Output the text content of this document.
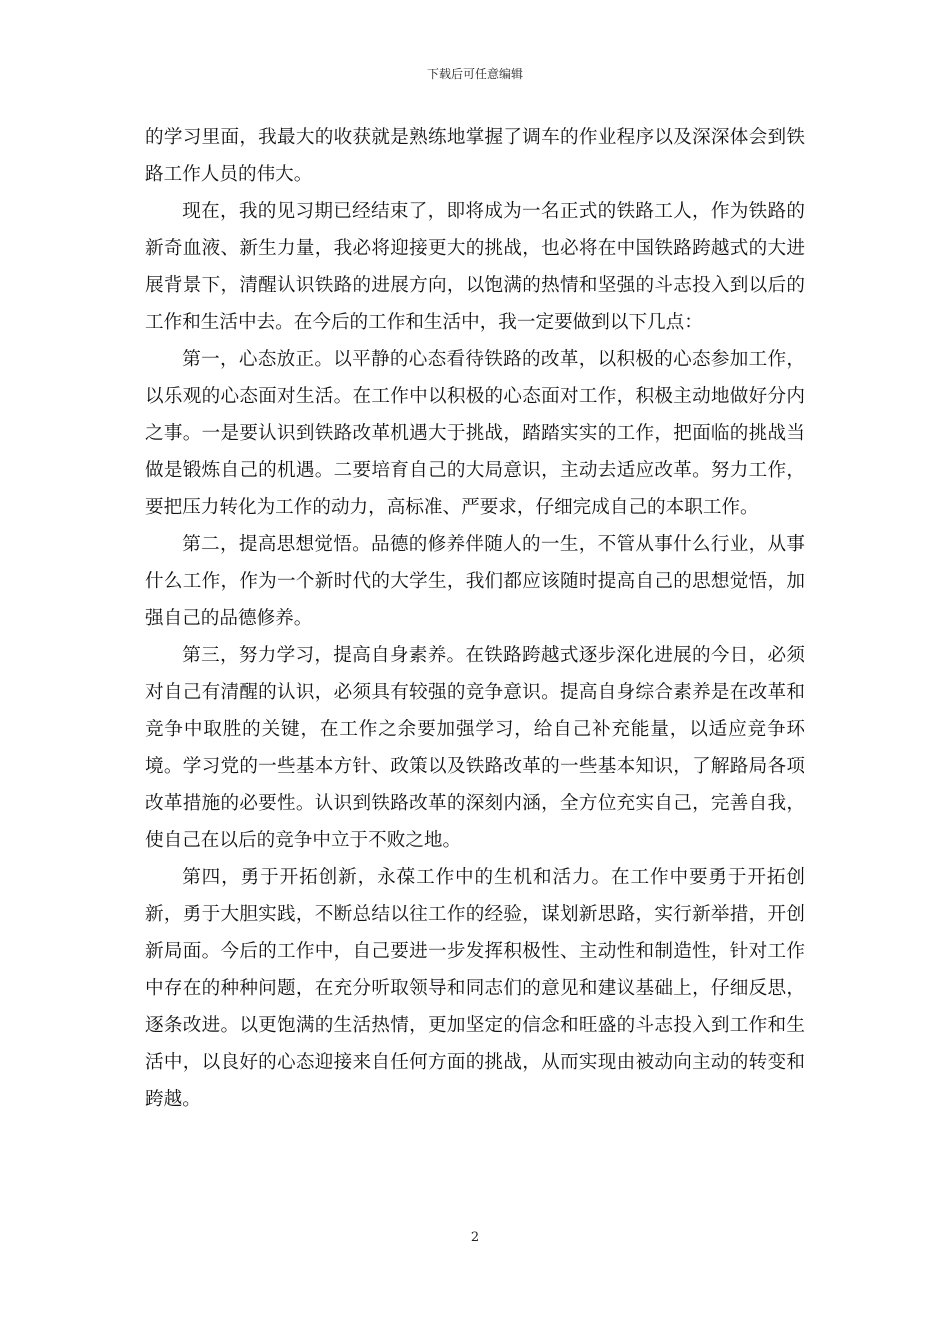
下载后可任意编辑

的学习里面，我最大的收获就是熟练地掌握了调车的作业程序以及深深体会到铁路工作人员的伟大。

现在，我的见习期已经结束了，即将成为一名正式的铁路工人，作为铁路的新奇血液、新生力量，我必将迎接更大的挑战，也必将在中国铁路跨越式的大进展背景下，清醒认识铁路的进展方向，以饱满的热情和坚强的斗志投入到以后的工作和生活中去。在今后的工作和生活中，我一定要做到以下几点：

第一，心态放正。以平静的心态看待铁路的改革，以积极的心态参加工作，以乐观的心态面对生活。在工作中以积极的心态面对工作，积极主动地做好分内之事。一是要认识到铁路改革机遇大于挑战，踏踏实实的工作，把面临的挑战当做是锻炼自己的机遇。二要培育自己的大局意识，主动去适应改革。努力工作，要把压力转化为工作的动力，高标准、严要求，仔细完成自己的本职工作。

第二，提高思想觉悟。品德的修养伴随人的一生，不管从事什么行业，从事什么工作，作为一个新时代的大学生，我们都应该随时提高自己的思想觉悟，加强自己的品德修养。

第三，努力学习，提高自身素养。在铁路跨越式逐步深化进展的今日，必须对自己有清醒的认识，必须具有较强的竞争意识。提高自身综合素养是在改革和竞争中取胜的关键，在工作之余要加强学习，给自己补充能量，以适应竞争环境。学习党的一些基本方针、政策以及铁路改革的一些基本知识，了解路局各项改革措施的必要性。认识到铁路改革的深刻内涵，全方位充实自己，完善自我，使自己在以后的竞争中立于不败之地。

第四，勇于开拓创新，永葆工作中的生机和活力。在工作中要勇于开拓创新，勇于大胆实践，不断总结以往工作的经验，谋划新思路，实行新举措，开创新局面。今后的工作中，自己要进一步发挥积极性、主动性和制造性，针对工作中存在的种种问题，在充分听取领导和同志们的意见和建议基础上，仔细反思，逐条改进。以更饱满的生活热情，更加坚定的信念和旺盛的斗志投入到工作和生活中，以良好的心态迎接来自任何方面的挑战，从而实现由被动向主动的转变和跨越。

2
